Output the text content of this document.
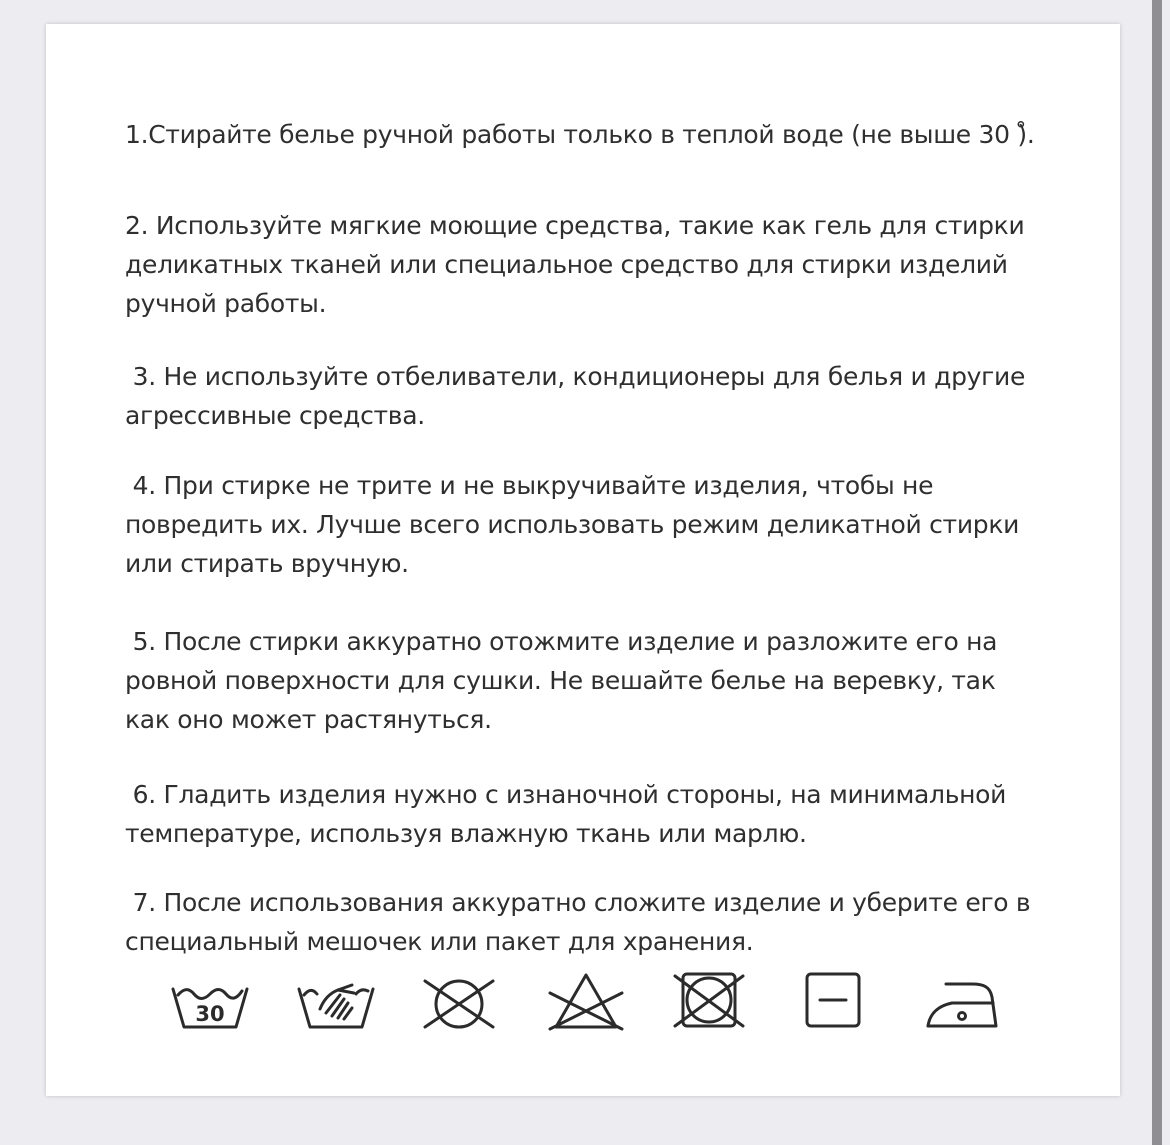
1.Стирайте белье ручной работы только в теплой воде (не выше 30 )̊.

2. Используйте мягкие моющие средства, такие как гель для стирки деликатных тканей или специальное средство для стирки изделий ручной работы.

3. Не используйте отбеливатели, кондиционеры для белья и другие агрессивные средства.

4. При стирке не трите и не выкручивайте изделия, чтобы не повредить их. Лучше всего использовать режим деликатной стирки или стирать вручную.

5. После стирки аккуратно отожмите изделие и разложите его на ровной поверхности для сушки. Не вешайте белье на веревку, так как оно может растянуться.

6. Гладить изделия нужно с изнаночной стороны, на минимальной температуре, используя влажную ткань или марлю.

7. После использования аккуратно сложите изделие и уберите его в специальный мешочек или пакет для хранения.

30
